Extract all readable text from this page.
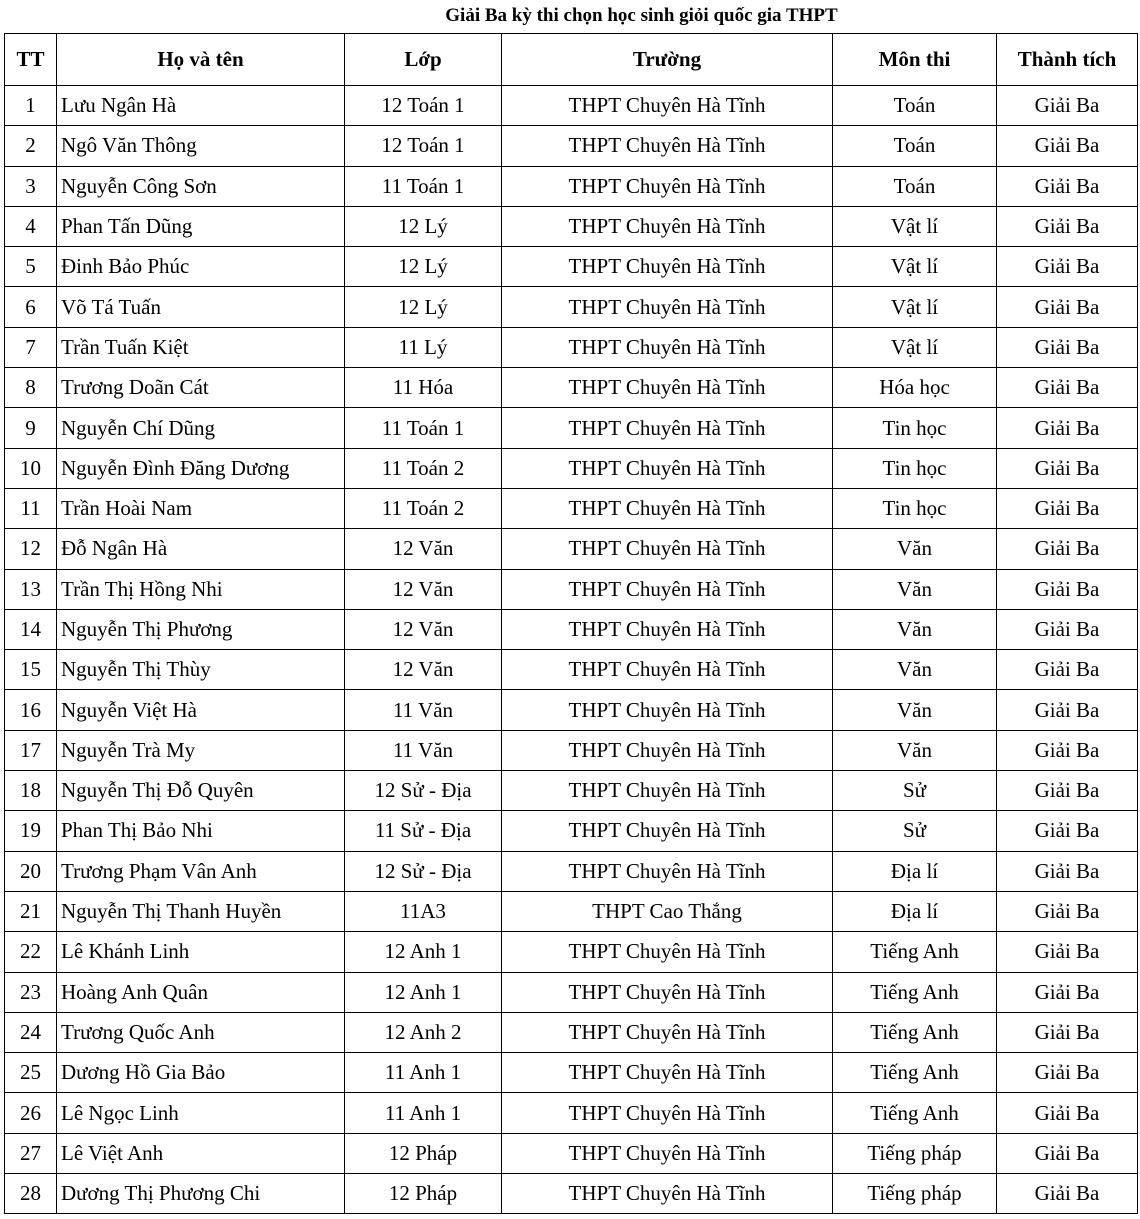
Giải Ba kỳ thi chọn học sinh giỏi quốc gia THPT
TT	Họ và tên	Lớp	Trường	Môn thi	Thành tích
1	Lưu Ngân Hà	12 Toán 1	THPT Chuyên Hà Tĩnh	Toán	Giải Ba
2	Ngô Văn Thông	12 Toán 1	THPT Chuyên Hà Tĩnh	Toán	Giải Ba
3	Nguyễn Công Sơn	11 Toán 1	THPT Chuyên Hà Tĩnh	Toán	Giải Ba
4	Phan Tấn Dũng	12 Lý	THPT Chuyên Hà Tĩnh	Vật lí	Giải Ba
5	Đinh Bảo Phúc	12 Lý	THPT Chuyên Hà Tĩnh	Vật lí	Giải Ba
6	Võ Tá Tuấn	12 Lý	THPT Chuyên Hà Tĩnh	Vật lí	Giải Ba
7	Trần Tuấn Kiệt	11 Lý	THPT Chuyên Hà Tĩnh	Vật lí	Giải Ba
8	Trương Doãn Cát	11 Hóa	THPT Chuyên Hà Tĩnh	Hóa học	Giải Ba
9	Nguyễn Chí Dũng	11 Toán 1	THPT Chuyên Hà Tĩnh	Tin học	Giải Ba
10	Nguyễn Đình Đăng Dương	11 Toán 2	THPT Chuyên Hà Tĩnh	Tin học	Giải Ba
11	Trần Hoài Nam	11 Toán 2	THPT Chuyên Hà Tĩnh	Tin học	Giải Ba
12	Đỗ Ngân Hà	12 Văn	THPT Chuyên Hà Tĩnh	Văn	Giải Ba
13	Trần Thị Hồng Nhi	12 Văn	THPT Chuyên Hà Tĩnh	Văn	Giải Ba
14	Nguyễn Thị Phương	12 Văn	THPT Chuyên Hà Tĩnh	Văn	Giải Ba
15	Nguyễn Thị Thùy	12 Văn	THPT Chuyên Hà Tĩnh	Văn	Giải Ba
16	Nguyễn Việt Hà	11 Văn	THPT Chuyên Hà Tĩnh	Văn	Giải Ba
17	Nguyễn Trà My	11 Văn	THPT Chuyên Hà Tĩnh	Văn	Giải Ba
18	Nguyễn Thị Đỗ Quyên	12 Sử - Địa	THPT Chuyên Hà Tĩnh	Sử	Giải Ba
19	Phan Thị Bảo Nhi	11 Sử - Địa	THPT Chuyên Hà Tĩnh	Sử	Giải Ba
20	Trương Phạm Vân Anh	12 Sử - Địa	THPT Chuyên Hà Tĩnh	Địa lí	Giải Ba
21	Nguyễn Thị Thanh Huyền	11A3	THPT Cao Thắng	Địa lí	Giải Ba
22	Lê Khánh Linh	12 Anh 1	THPT Chuyên Hà Tĩnh	Tiếng Anh	Giải Ba
23	Hoàng Anh Quân	12 Anh 1	THPT Chuyên Hà Tĩnh	Tiếng Anh	Giải Ba
24	Trương Quốc Anh	12 Anh 2	THPT Chuyên Hà Tĩnh	Tiếng Anh	Giải Ba
25	Dương Hồ Gia Bảo	11 Anh 1	THPT Chuyên Hà Tĩnh	Tiếng Anh	Giải Ba
26	Lê Ngọc Linh	11 Anh 1	THPT Chuyên Hà Tĩnh	Tiếng Anh	Giải Ba
27	Lê Việt Anh	12 Pháp	THPT Chuyên Hà Tĩnh	Tiếng pháp	Giải Ba
28	Dương Thị Phương Chi	12 Pháp	THPT Chuyên Hà Tĩnh	Tiếng pháp	Giải Ba
